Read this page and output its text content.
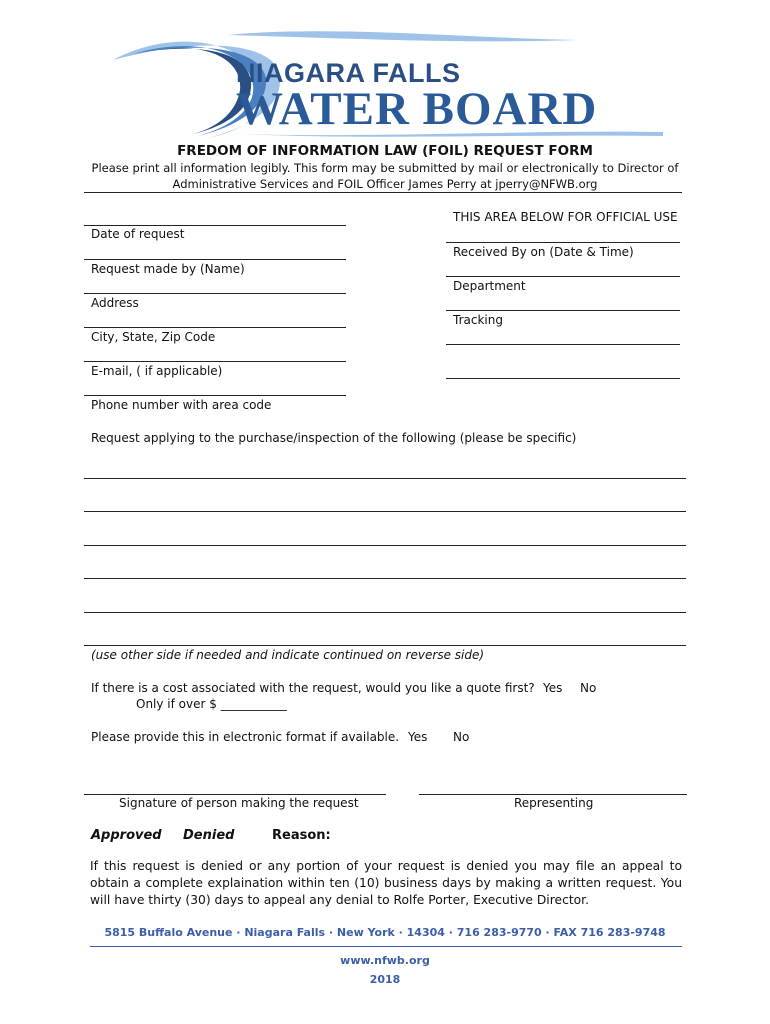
NIAGARA FALLS
WATER BOARD
FREDOM OF INFORMATION LAW (FOIL) REQUEST FORM
Please print all information legibly. This form may be submitted by mail or electronically to Director of Administrative Services and FOIL Officer James Perry at jperry@NFWB.org
THIS AREA BELOW FOR OFFICIAL USE
Received By on (Date & Time)
Department
Tracking
Date of request
Request made by (Name)
Address
City, State, Zip Code
E-mail, ( if applicable)
Phone number with area code
Request applying to the purchase/inspection of the following (please be specific)
(use other side if needed and indicate continued on reverse side)
If there is a cost associated with the request, would you like a quote first? Yes No
Only if over $ ___________
Please provide this in electronic format if available. Yes No
Signature of person making the request	Representing
Approved Denied	Reason:
If this request is denied or any portion of your request is denied you may file an appeal to obtain a complete explaination within ten (10) business days by making a written request. You will have thirty (30) days to appeal any denial to Rolfe Porter, Executive Director.
5815 Buffalo Avenue · Niagara Falls · New York · 14304 · 716 283-9770 · FAX 716 283-9748
www.nfwb.org
2018
